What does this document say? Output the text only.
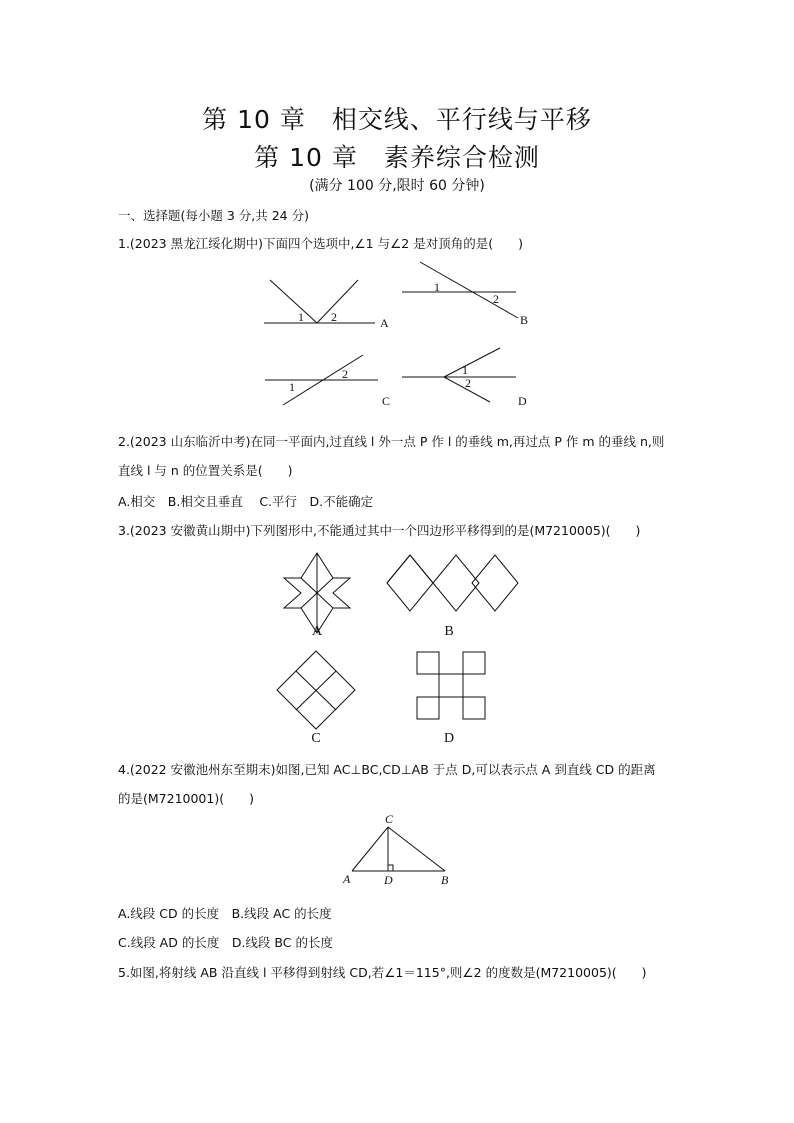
第 10 章　相交线、平行线与平移
第 10 章　素养综合检测
(满分 100 分,限时 60 分钟)
一、选择题(每小题 3 分,共 24 分)
1.(2023 黑龙江绥化期中)下面四个选项中,∠1 与∠2 是对顶角的是(　　)
1 2	A
1
2
B
1
2
C
1
2
D
2.(2023 山东临沂中考)在同一平面内,过直线 l 外一点 P 作 l 的垂线 m,再过点 P 作 m 的垂线 n,则
直线 l 与 n 的位置关系是(　　)
A.相交　B.相交且垂直　 C.平行　D.不能确定
3.(2023 安徽黄山期中)下列图形中,不能通过其中一个四边形平移得到的是(M7210005)(　　)
A	B
C	D
4.(2022 安徽池州东至期末)如图,已知 AC⊥BC,CD⊥AB 于点 D,可以表示点 A 到直线 CD 的距离
的是(M7210001)(　　)
A
C
D	B
A.线段 CD 的长度　B.线段 AC 的长度
C.线段 AD 的长度　D.线段 BC 的长度
5.如图,将射线 AB 沿直线 l 平移得到射线 CD,若∠1＝115°,则∠2 的度数是(M7210005)(　　)
